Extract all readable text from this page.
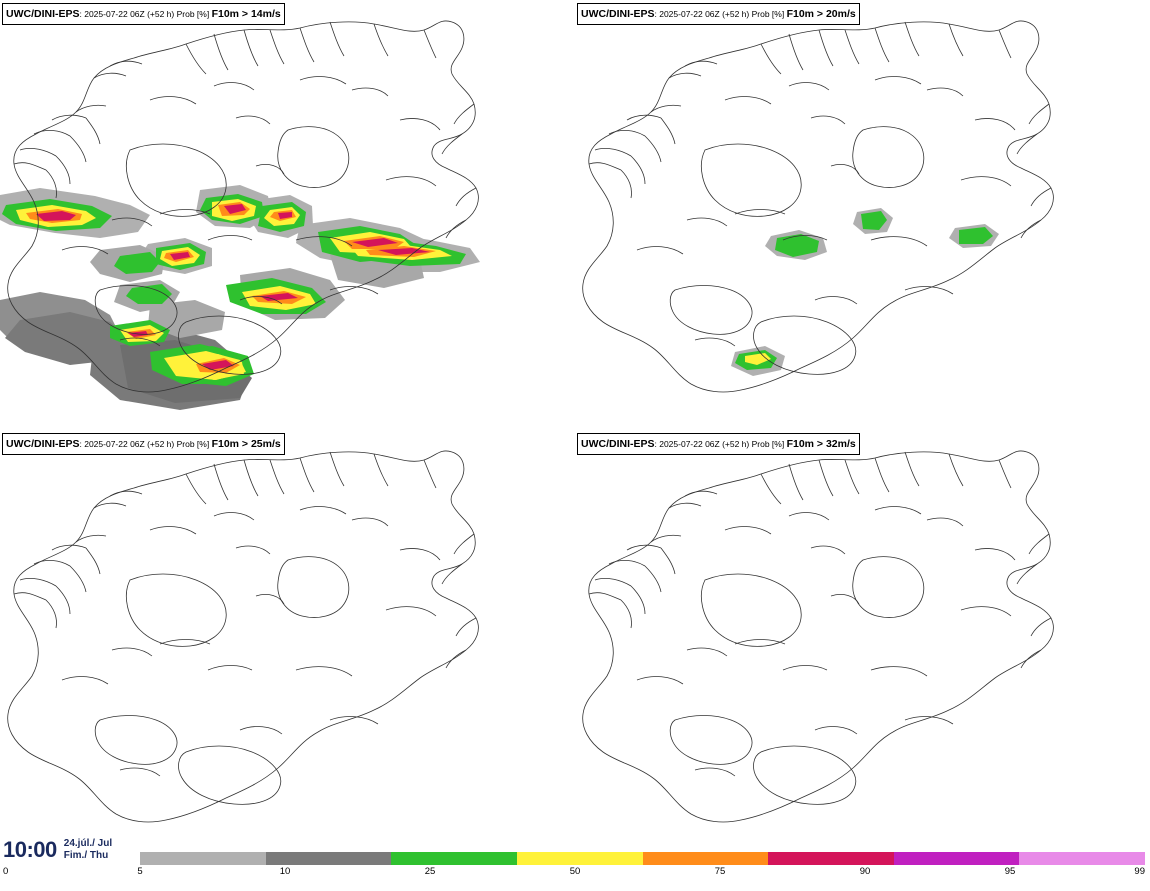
UWC/DINI-EPS: 2025-07-22 06Z (+52 h) Prob [%] F10m > 14m/s	UWC/DINI-EPS: 2025-07-22 06Z (+52 h) Prob [%] F10m > 20m/s
UWC/DINI-EPS: 2025-07-22 06Z (+52 h) Prob [%] F10m > 25m/s	UWC/DINI-EPS: 2025-07-22 06Z (+52 h) Prob [%] F10m > 32m/s
10:00 24.júl./ Jul
Fim./ Thu
5	10	25	50	75	90	95	99
0
